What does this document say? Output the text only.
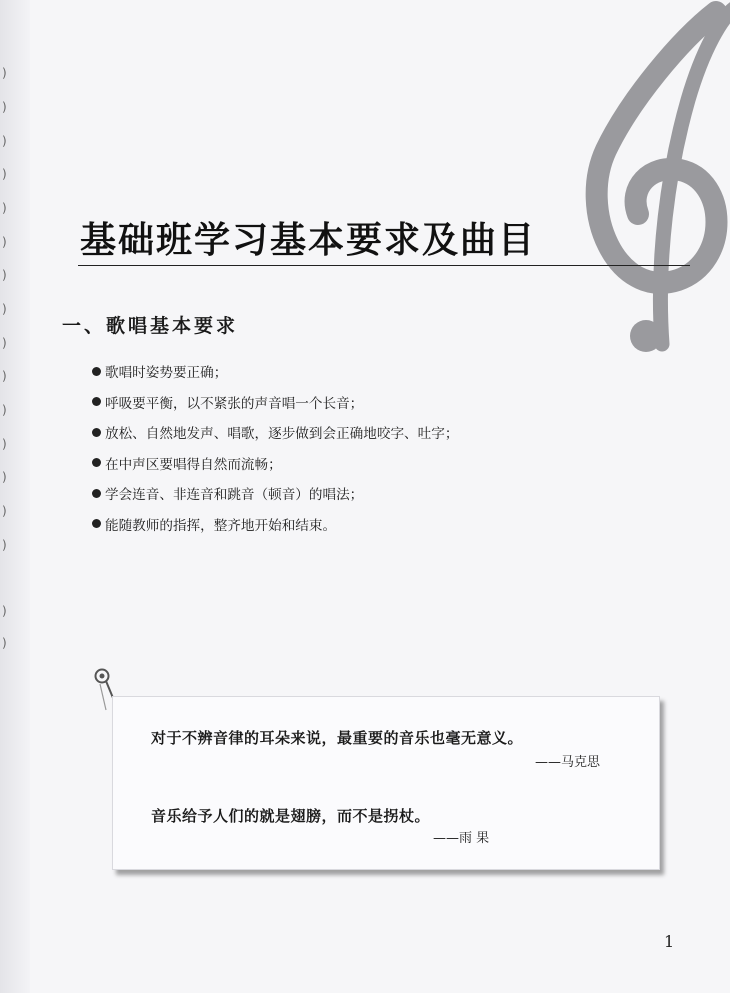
)
)
)
)
)
)
)
)
)
)
)
)
)
)
)
)
)
基础班学习基本要求及曲目
一、歌唱基本要求
歌唱时姿势要正确；
呼吸要平衡，以不紧张的声音唱一个长音；
放松、自然地发声、唱歌，逐步做到会正确地咬字、吐字；
在中声区要唱得自然而流畅；
学会连音、非连音和跳音（顿音）的唱法；
能随教师的指挥，整齐地开始和结束。
对于不辨音律的耳朵来说，最重要的音乐也毫无意义。
——马克思
音乐给予人们的就是翅膀，而不是拐杖。
——雨 果
1
